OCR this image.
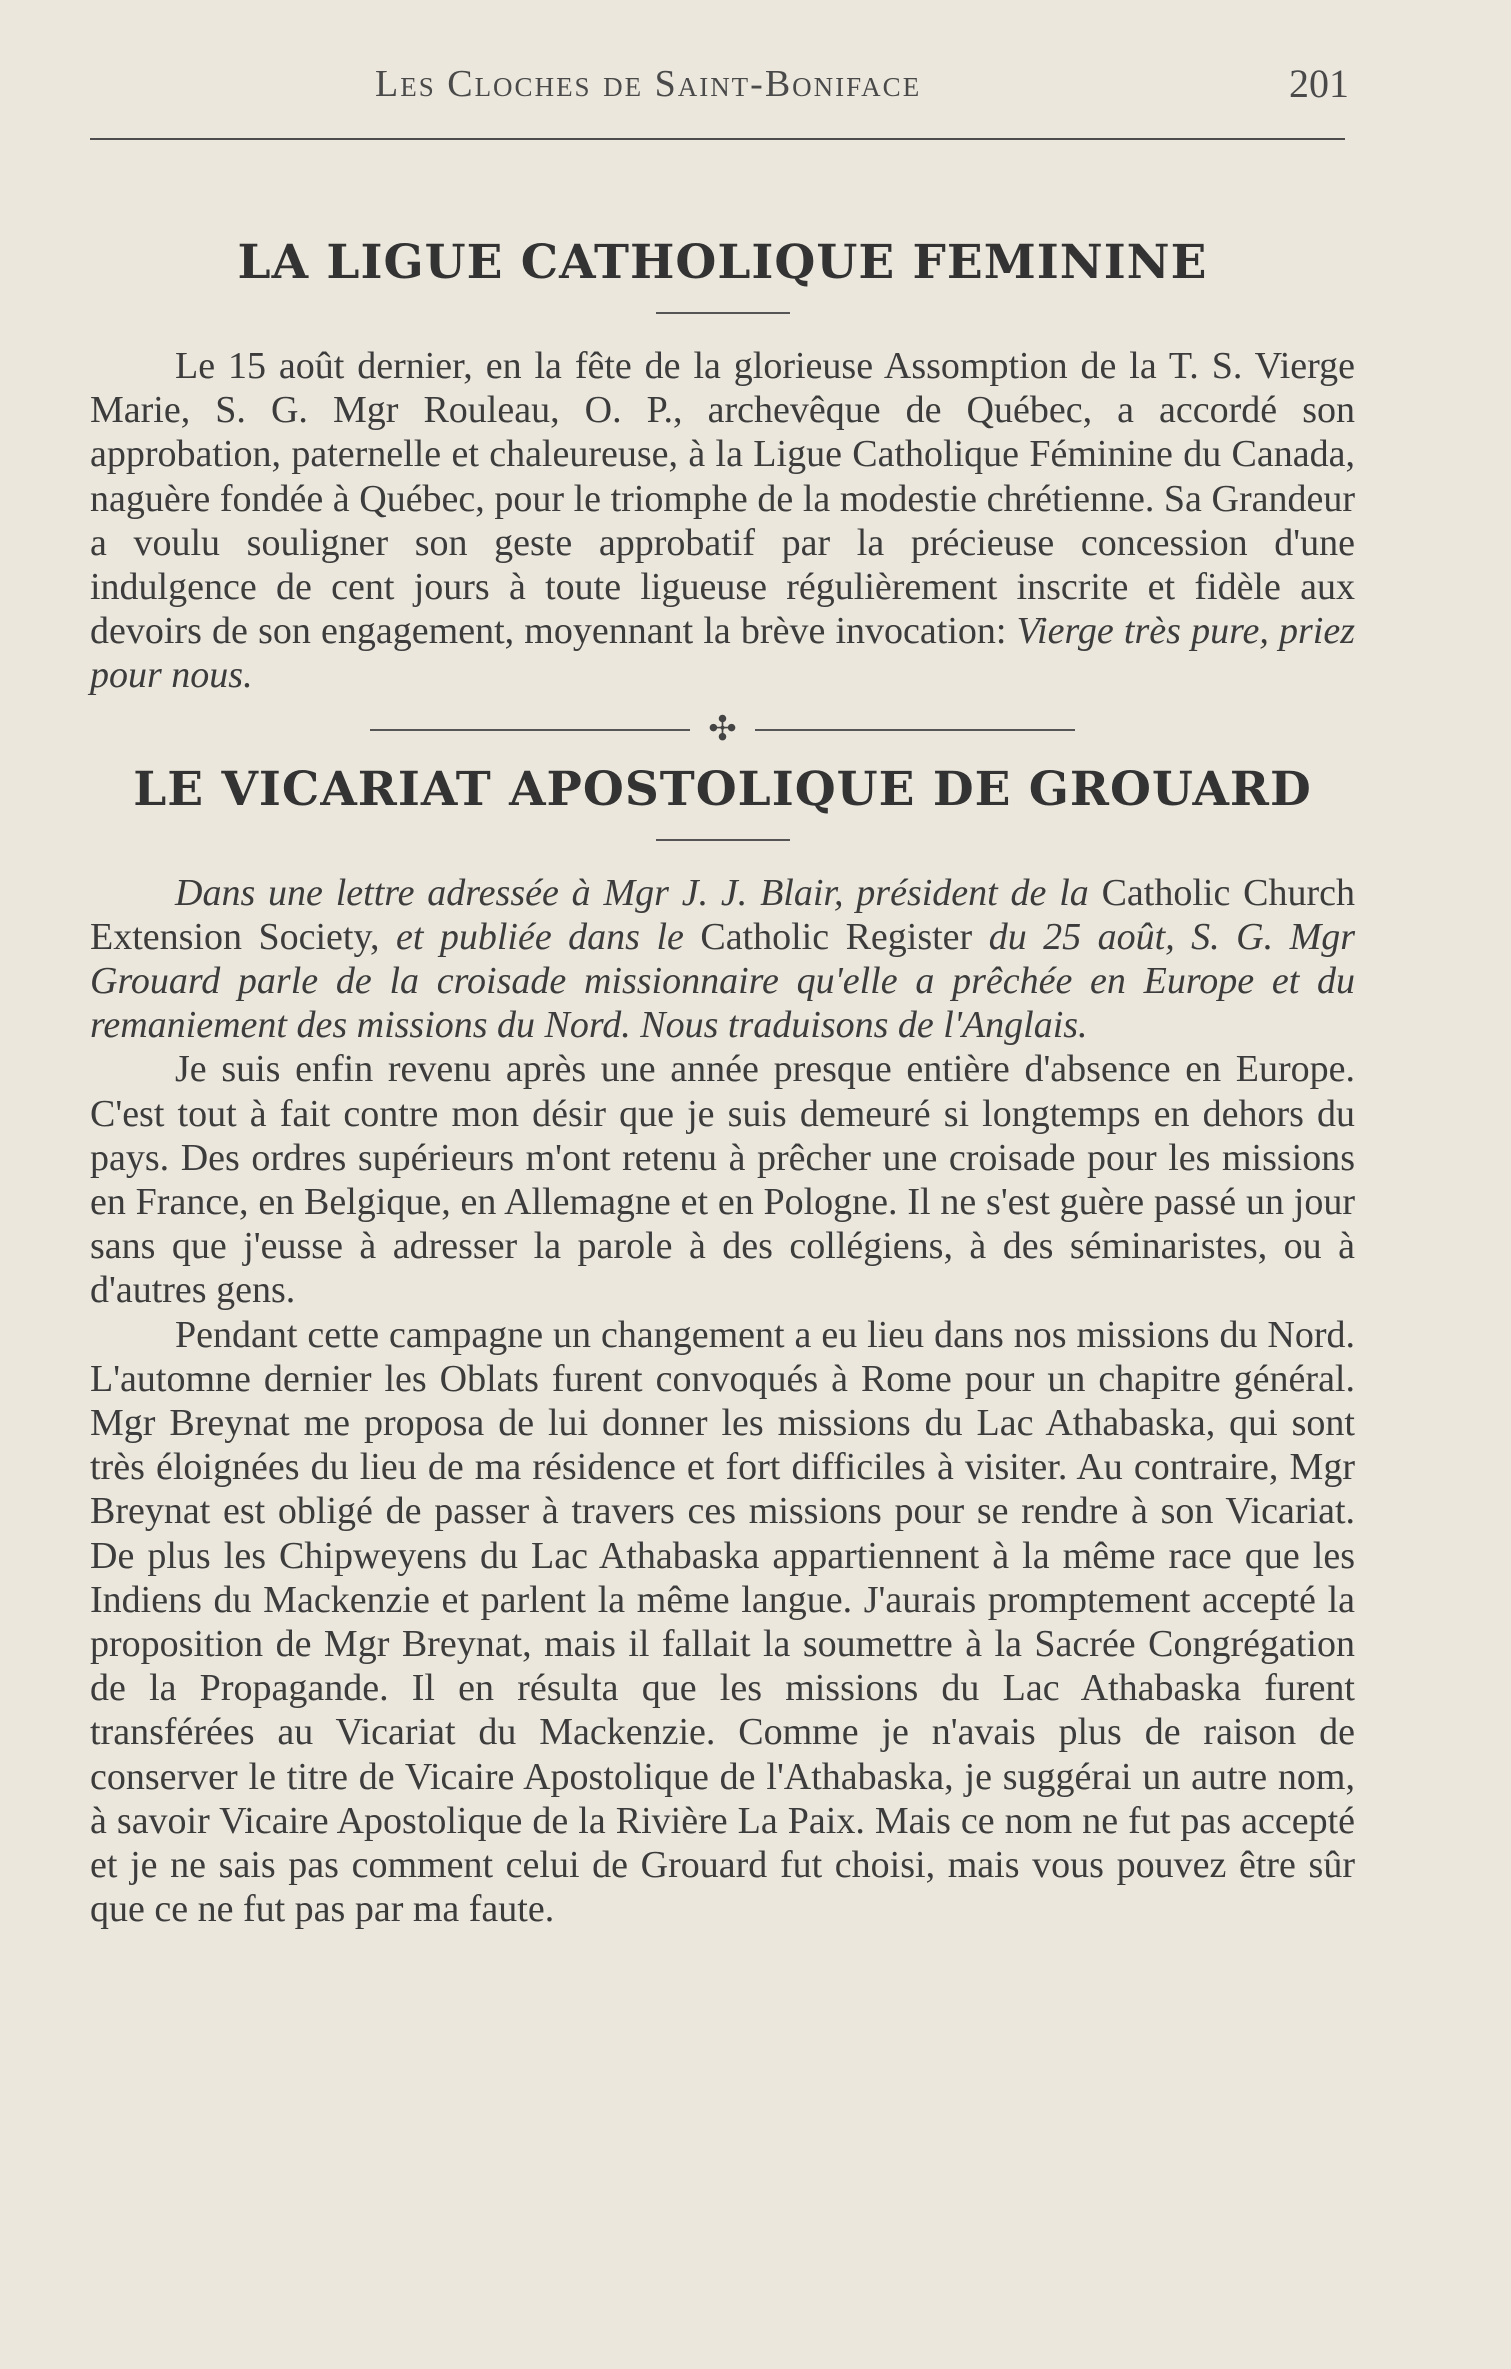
Les Cloches de Saint-Boniface	201
LA LIGUE CATHOLIQUE FEMININE

Le 15 août dernier, en la fête de la glorieuse Assomption de la T. S. Vierge Marie, S. G. Mgr Rouleau, O. P., archevêque de Québec, a accordé son approbation, paternelle et chaleureuse, à la Ligue Catholique Féminine du Canada, naguère fondée à Québec, pour le triomphe de la modestie chrétienne. Sa Grandeur a voulu souligner son geste approbatif par la précieuse concession d'une indulgence de cent jours à toute ligueuse régulièrement inscrite et fidèle aux devoirs de son engagement, moyennant la brève invocation: Vierge très pure, priez pour nous.

✣
LE VICARIAT APOSTOLIQUE DE GROUARD

Dans une lettre adressée à Mgr J. J. Blair, président de la Catholic Church Extension Society, et publiée dans le Catholic Register du 25 août, S. G. Mgr Grouard parle de la croisade missionnaire qu'elle a prêchée en Europe et du remaniement des missions du Nord. Nous traduisons de l'Anglais.

Je suis enfin revenu après une année presque entière d'absence en Europe. C'est tout à fait contre mon désir que je suis demeuré si longtemps en dehors du pays. Des ordres supérieurs m'ont retenu à prêcher une croisade pour les missions en France, en Belgique, en Allemagne et en Pologne. Il ne s'est guère passé un jour sans que j'eusse à adresser la parole à des collégiens, à des séminaristes, ou à d'autres gens.

Pendant cette campagne un changement a eu lieu dans nos missions du Nord. L'automne dernier les Oblats furent convoqués à Rome pour un chapitre général. Mgr Breynat me proposa de lui donner les missions du Lac Athabaska, qui sont très éloignées du lieu de ma résidence et fort difficiles à visiter. Au contraire, Mgr Breynat est obligé de passer à travers ces missions pour se rendre à son Vicariat. De plus les Chipweyens du Lac Athabaska appartiennent à la même race que les Indiens du Mackenzie et parlent la même langue. J'aurais promptement accepté la proposition de Mgr Breynat, mais il fallait la soumettre à la Sacrée Congrégation de la Propagande. Il en résulta que les missions du Lac Athabaska furent transférées au Vicariat du Mackenzie. Comme je n'avais plus de raison de conserver le titre de Vicaire Apostolique de l'Athabaska, je suggérai un autre nom, à savoir Vicaire Apostolique de la Rivière La Paix. Mais ce nom ne fut pas accepté et je ne sais pas comment celui de Grouard fut choisi, mais vous pouvez être sûr que ce ne fut pas par ma faute.
